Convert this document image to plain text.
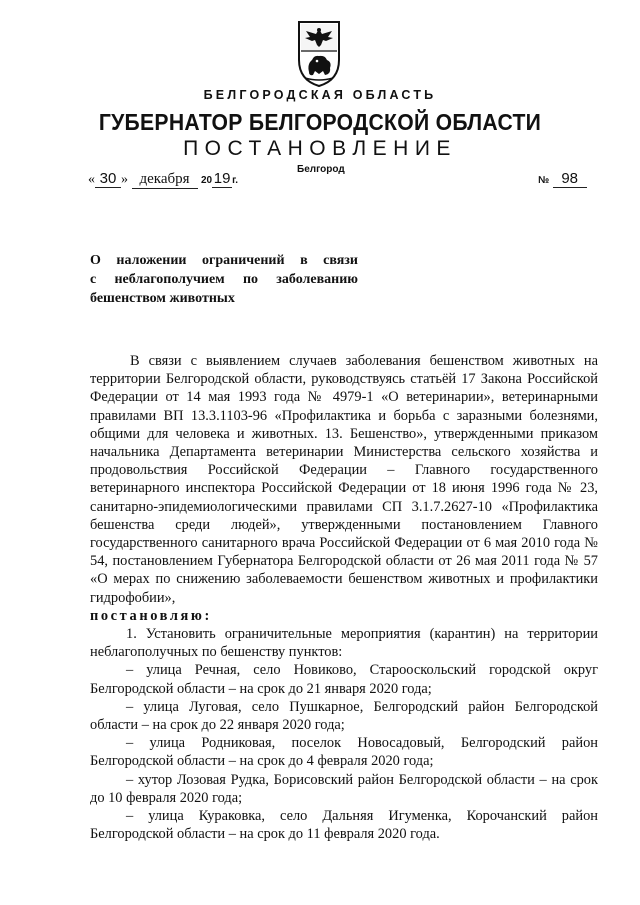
БЕЛГОРОДСКАЯ ОБЛАСТЬ
ГУБЕРНАТОР БЕЛГОРОДСКОЙ ОБЛАСТИ
ПОСТАНОВЛЕНИЕ
Белгород
« 30 » декабря 20 19 г.	№ 98
О наложении ограничений в связи
с неблагополучием по заболеванию
бешенством животных

В связи с выявлением случаев заболевания бешенством животных на территории Белгородской области, руководствуясь статьёй 17 Закона Российской Федерации от 14 мая 1993 года № 4979-1 «О ветеринарии», ветеринарными правилами ВП 13.3.1103-96 «Профилактика и борьба с заразными болезнями, общими для человека и животных. 13. Бешенство», утвержденными приказом начальника Департамента ветеринарии Министерства сельского хозяйства и продовольствия Российской Федерации – Главного государственного ветеринарного инспектора Российской Федерации от 18 июня 1996 года № 23, санитарно-эпидемиологическими правилами СП 3.1.7.2627-10 «Профилактика бешенства среди людей», утвержденными постановлением Главного государственного санитарного врача Российской Федерации от 6 мая 2010 года № 54, постановлением Губернатора Белгородской области от 26 мая 2011 года № 57 «О мерах по снижению заболеваемости бешенством животных и профилактики гидрофобии»,

постановляю:

1. Установить ограничительные мероприятия (карантин) на территории неблагополучных по бешенству пунктов:

– улица Речная, село Новиково, Старооскольский городской округ Белгородской области – на срок до 21 января 2020 года;

– улица Луговая, село Пушкарное, Белгородский район Белгородской области – на срок до 22 января 2020 года;

– улица Родниковая, поселок Новосадовый, Белгородский район Белгородской области – на срок до 4 февраля 2020 года;

– хутор Лозовая Рудка, Борисовский район Белгородской области – на срок до 10 февраля 2020 года;

– улица Кураковка, село Дальняя Игуменка, Корочанский район Белгородской области – на срок до 11 февраля 2020 года.
